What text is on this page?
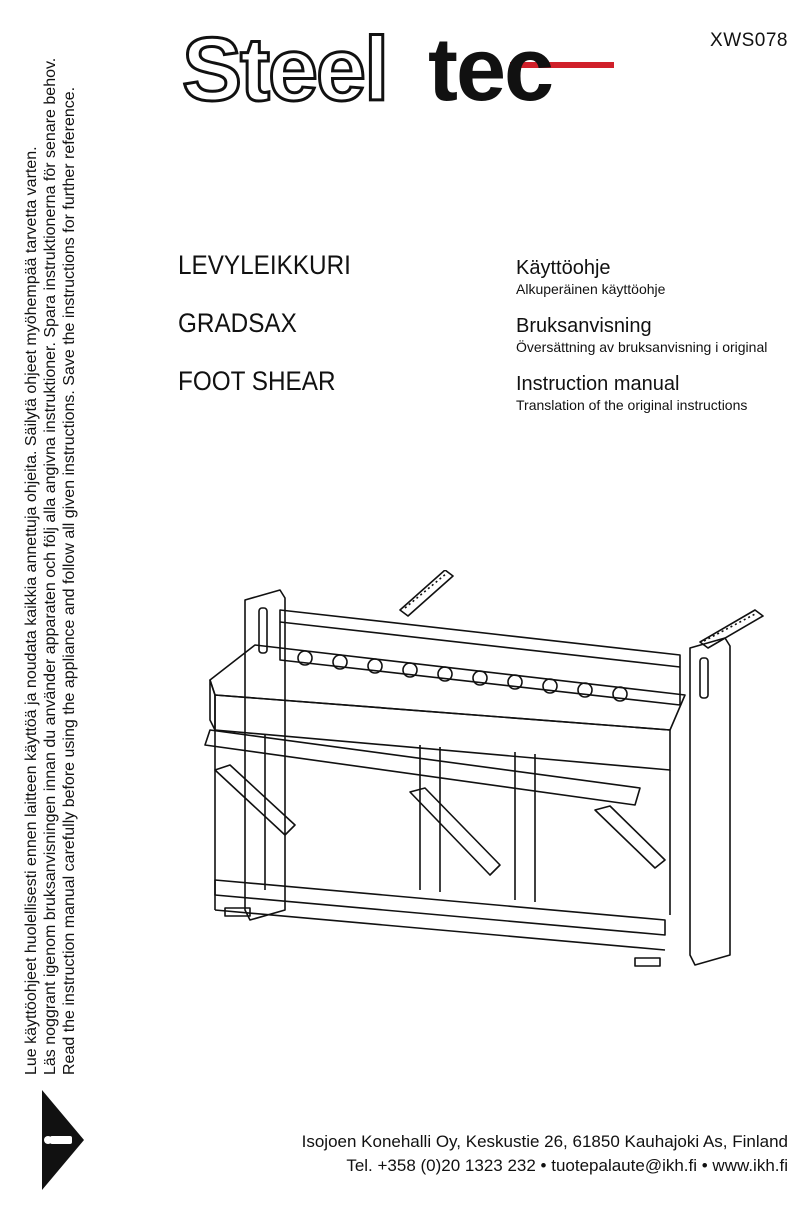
Steel tec	XWS078
Lue käyttöohjeet huolellisesti ennen laitteen käyttöä ja noudata kaikkia annettuja ohjeita. Säilytä ohjeet myöhempää tarvetta varten. Läs noggrant igenom bruksanvisningen innan du använder apparaten och följ alla angivna instruktioner. Spara instruktionerna för senare behov. Read the instruction manual carefully before using the appliance and follow all given instructions. Save the instructions for further reference.	LEVYLEIKKURI
GRADSAX
FOOT SHEAR
Käyttöohje
Alkuperäinen käyttöohje
Bruksanvisning
Översättning av bruksanvisning i original
Instruction manual
Translation of the original instructions
Isojoen Konehalli Oy, Keskustie 26, 61850 Kauhajoki As, Finland
Tel. +358 (0)20 1323 232 • tuotepalaute@ikh.fi • www.ikh.fi
